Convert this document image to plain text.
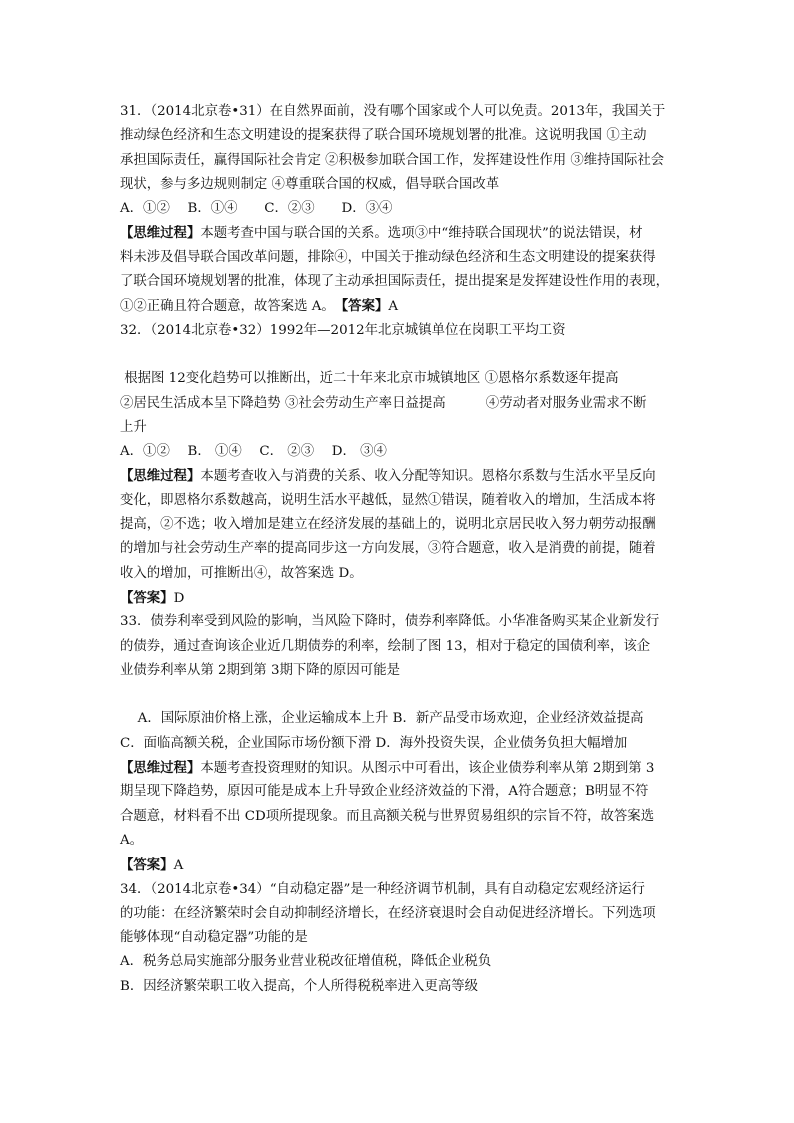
31．（2014北京卷•31）在自然界面前，没有哪个国家或个人可以免责。2013年，我国关于
推动绿色经济和生态文明建设的提案获得了联合国环境规划署的批准。这说明我国 ①主动
承担国际责任，赢得国际社会肯定 ②积极参加联合国工作，发挥建设性作用 ③维持国际社会
现状，参与多边规则制定 ④尊重联合国的权威，倡导联合国改革
A．①②　 B．①④　　C．②③　　D．③④
【思维过程】本题考查中国与联合国的关系。选项③中“维持联合国现状”的说法错误，材
料未涉及倡导联合国改革问题，排除④，中国关于推动绿色经济和生态文明建设的提案获得
了联合国环境规划署的批准，体现了主动承担国际责任，提出提案是发挥建设性作用的表现，
①②正确且符合题意，故答案选 A。　【答案】A
32．（2014北京卷•32）1992年—2012年北京城镇单位在岗职工平均工资
根据图 12变化趋势可以推断出，近二十年来北京市城镇地区 ①恩格尔系数逐年提高
②居民生活成本呈下降趋势 ③社会劳动生产率日益提高　　　④劳动者对服务业需求不断
上升
A．①②　 B． ①④　 C． ②③　 D． ③④
【思维过程】本题考查收入与消费的关系、收入分配等知识。恩格尔系数与生活水平呈反向
变化，即恩格尔系数越高，说明生活水平越低，显然①错误，随着收入的增加，生活成本将
提高，②不选；收入增加是建立在经济发展的基础上的，说明北京居民收入努力朝劳动报酬
的增加与社会劳动生产率的提高同步这一方向发展，③符合题意，收入是消费的前提，随着
收入的增加，可推断出④，故答案选 D。
【答案】D
33．债券利率受到风险的影响，当风险下降时，债券利率降低。小华准备购买某企业新发行
的债券，通过查询该企业近几期债券的利率，绘制了图 13，相对于稳定的国债利率，该企
业债券利率从第 2期到第 3期下降的原因可能是
　 A．国际原油价格上涨，企业运输成本上升 B．新产品受市场欢迎，企业经济效益提高
C．面临高额关税，企业国际市场份额下滑 D．海外投资失误，企业债务负担大幅增加
【思维过程】本题考查投资理财的知识。从图示中可看出，该企业债券利率从第 2期到第 3
期呈现下降趋势，原因可能是成本上升导致企业经济效益的下滑，A符合题意；B明显不符
合题意，材料看不出 CD项所提现象。而且高额关税与世界贸易组织的宗旨不符，故答案选
A。
【答案】A
34．（2014北京卷•34）“自动稳定器”是一种经济调节机制，具有自动稳定宏观经济运行
的功能：在经济繁荣时会自动抑制经济增长，在经济衰退时会自动促进经济增长。下列选项
能够体现“自动稳定器”功能的是
A．税务总局实施部分服务业营业税改征增值税，降低企业税负
B．因经济繁荣职工收入提高，个人所得税税率进入更高等级
